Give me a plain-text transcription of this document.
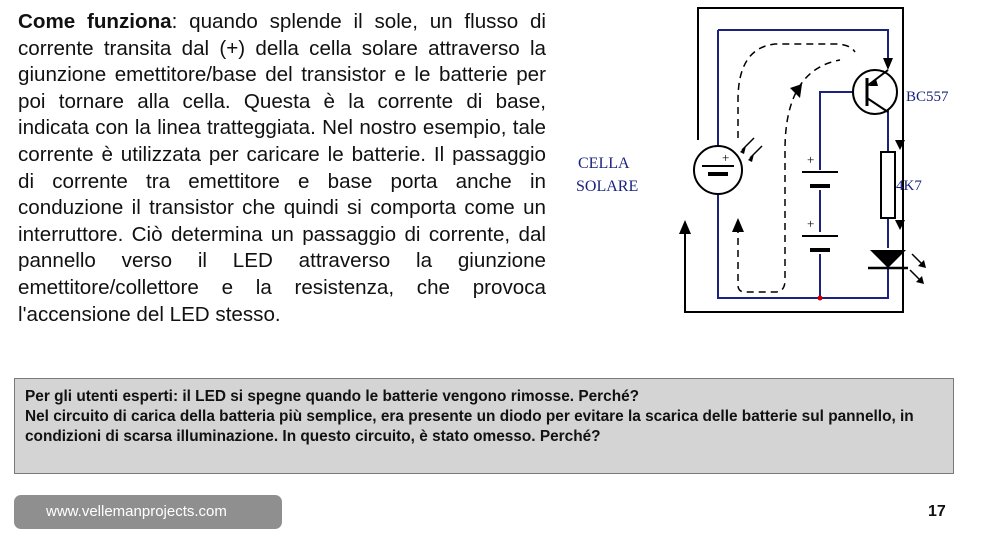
Come funziona: quando splende il sole, un flusso di corrente transita dal (+) della cella solare attraverso la giunzione emettitore/base del transistor e le batterie per poi tornare alla cella. Questa è la corrente di base, indicata con la linea tratteggiata. Nel nostro esempio, tale corrente è utilizzata per caricare le batterie. Il passaggio di corrente tra emettitore e base porta anche in conduzione il transistor che quindi si comporta come un interruttore. Ciò determina un passaggio di corrente, dal pannello verso il LED attraverso la giunzione emettitore/collettore e la resistenza, che provoca l'accensione del LED stesso.

+
CELLA
SOLARE
+
+
BC557
4K7

Per gli utenti esperti: il LED si spegne quando le batterie vengono rimosse. Perché?

Nel circuito di carica della batteria più semplice, era presente un diodo per evitare la scarica delle batterie sul pannello, in condizioni di scarsa illuminazione. In questo circuito, è stato omesso. Perché?

www.vellemanprojects.com	17
